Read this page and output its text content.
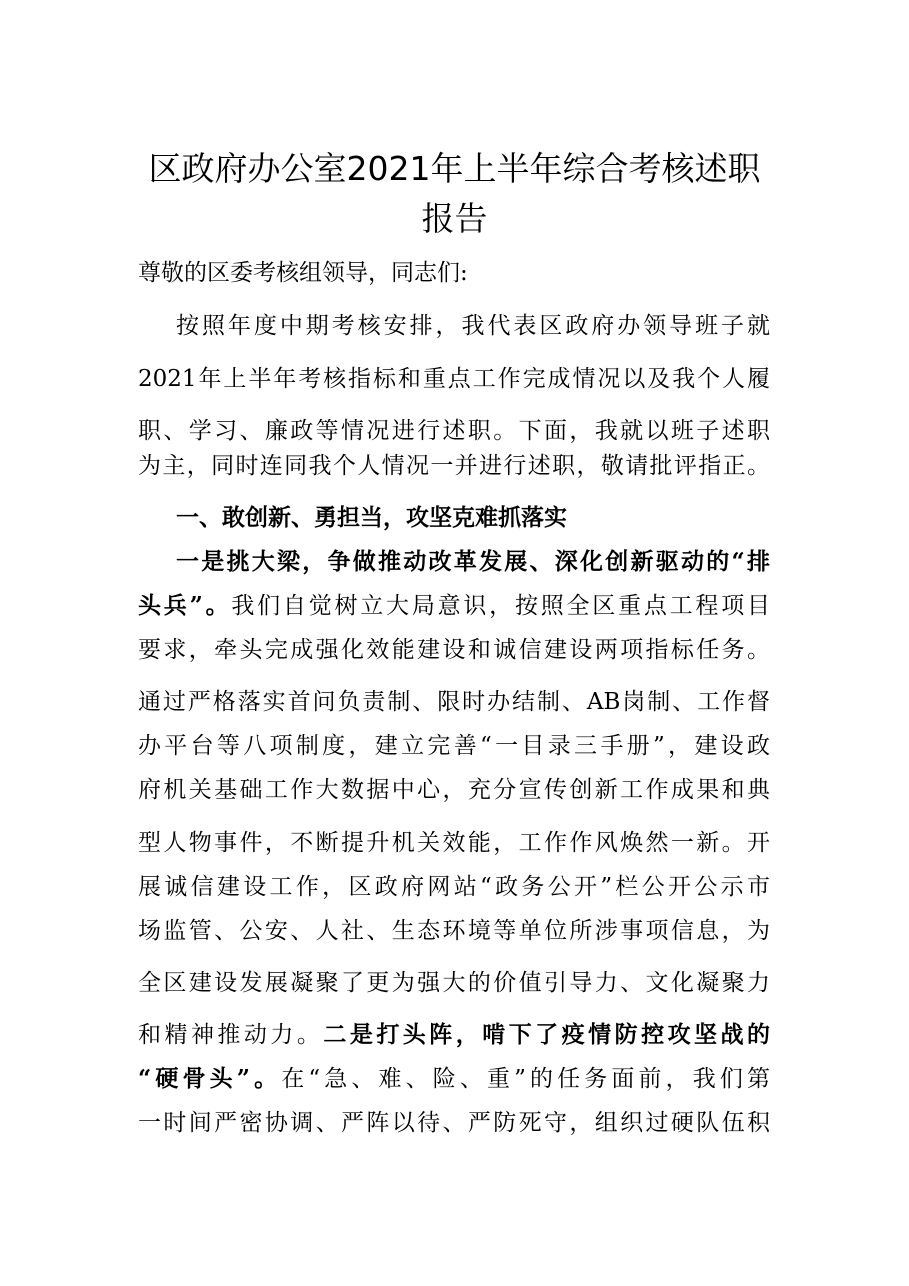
区政府办公室2021年上半年综合考核述职
报告
尊敬的区委考核组领导，同志们:
按照年度中期考核安排，我代表区政府办领导班子就
2021年上半年考核指标和重点工作完成情况以及我个人履
职、学习、廉政等情况进行述职。下面，我就以班子述职
为主，同时连同我个人情况一并进行述职，敬请批评指正。
一、敢创新、勇担当，攻坚克难抓落实
一是挑大梁，争做推动改革发展、深化创新驱动的“排
头兵”。我们自觉树立大局意识，按照全区重点工程项目
要求，牵头完成强化效能建设和诚信建设两项指标任务。
通过严格落实首问负责制、限时办结制、AB岗制、工作督
办平台等八项制度，建立完善“一目录三手册”，建设政
府机关基础工作大数据中心，充分宣传创新工作成果和典
型人物事件，不断提升机关效能，工作作风焕然一新。开
展诚信建设工作，区政府网站“政务公开”栏公开公示市
场监管、公安、人社、生态环境等单位所涉事项信息，为
全区建设发展凝聚了更为强大的价值引导力、文化凝聚力
和精神推动力。二是打头阵，啃下了疫情防控攻坚战的
“硬骨头”。在“急、难、险、重”的任务面前，我们第
一时间严密协调、严阵以待、严防死守，组织过硬队伍积
